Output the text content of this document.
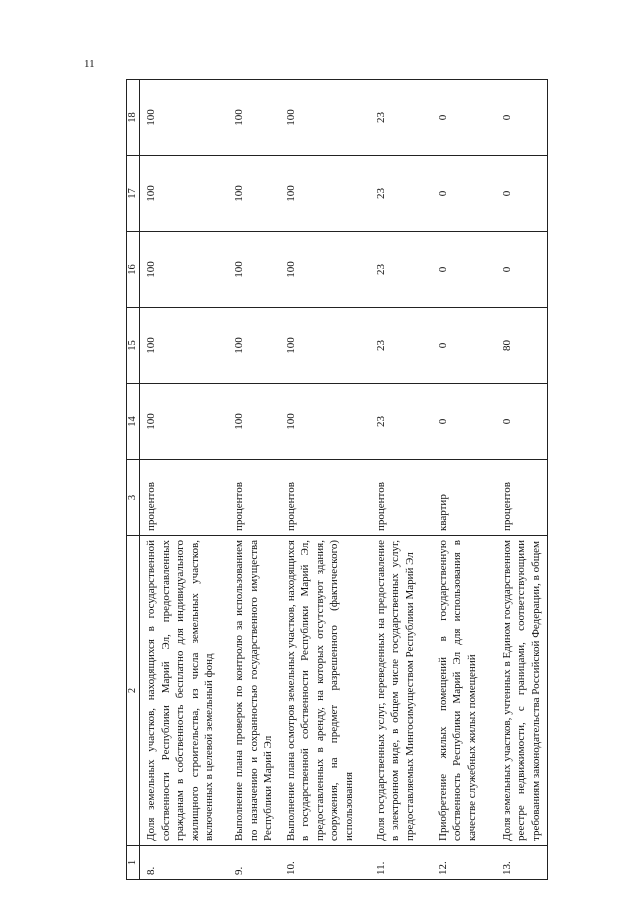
11
1	2	3	14	15	16	17	18
8.	Доля земельных участков, находящихся в государственной собственности Республики Марий Эл, предоставленных гражданам в собственность бесплатно для индивидуального жилищного строительства, из числа земельных участков, включенных в целевой земельный фонд	процентов	100	100	100	100	100
9.	Выполнение плана проверок по контролю за использованием по назначению и сохранностью государственного имущества Республики Марий Эл	процентов	100	100	100	100	100
10.	Выполнение плана осмотров земельных участков, находящихся в государственной собственности Республики Марий Эл, предоставленных в аренду, на которых отсутствуют здания, сооружения, на предмет разрешенного (фактического) использования	процентов	100	100	100	100	100
11.	Доля государственных услуг, переведенных на предоставление в электронном виде, в общем числе государственных услуг, предоставляемых Мингосимуществом Республики Марий Эл	процентов	23	23	23	23	23
12.	Приобретение жилых помещений в государственную собственность Республики Марий Эл для использования в качестве служебных жилых помещений	квартир	0	0	0	0	0
13.	Доля земельных участков, учтенных в Едином государственном реестре недвижимости, с границами, соответствующими требованиям законодательства Российской Федерации, в общем	процентов	0	80	0	0	0
